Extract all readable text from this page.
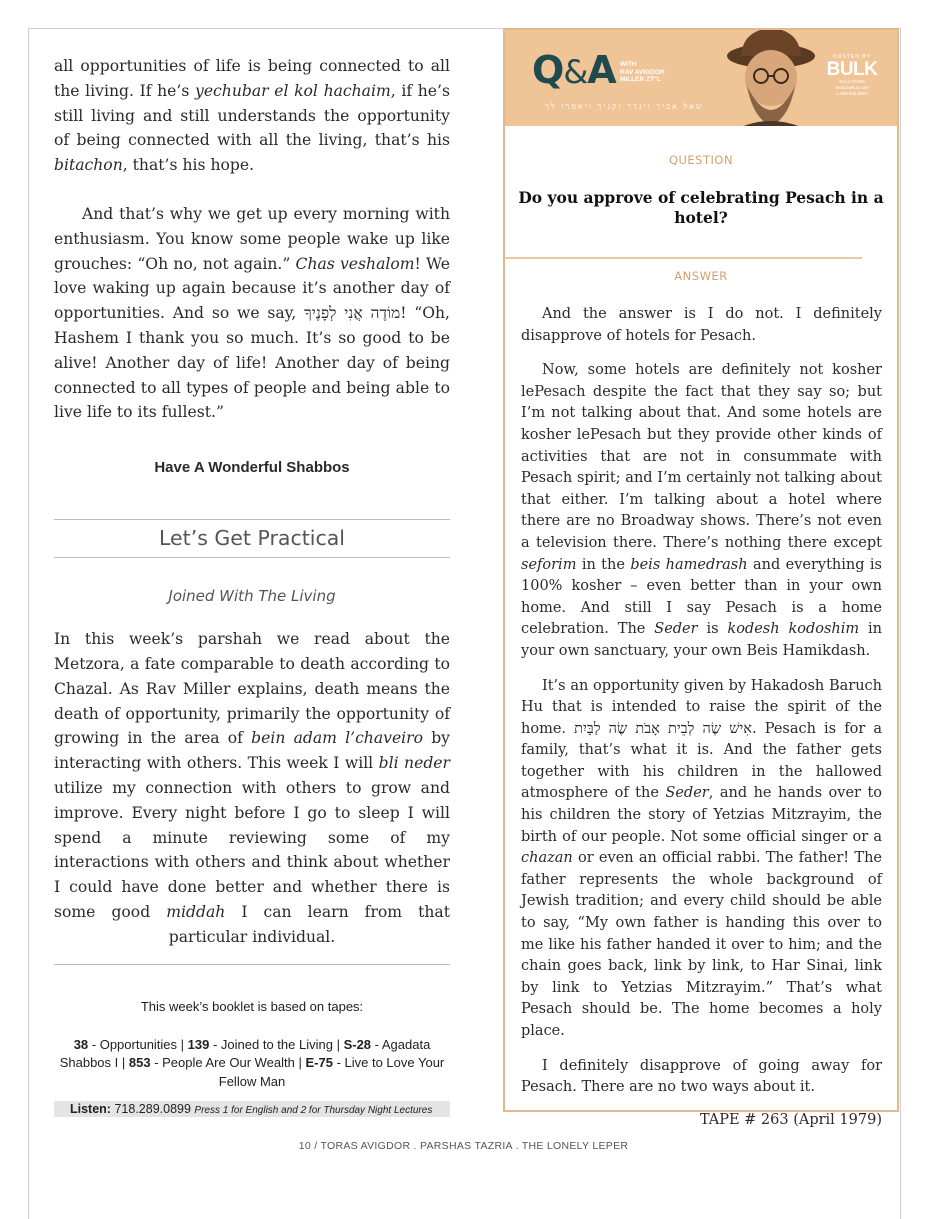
all opportunities of life is being connected to all the living. If he’s yechubar el kol hachaim, if he’s still living and still understands the opportunity of being connected with all the living, that’s his bitachon, that’s his hope.

And that’s why we get up every morning with enthusiasm. You know some people wake up like grouches: “Oh no, not again.” Chas veshalom! We love waking up again because it’s another day of opportunities. And so we say, מוֹדֶה אֲנִי לְפָנֶיךָ! “Oh, Hashem I thank you so much. It’s so good to be alive! Another day of life! Another day of being connected to all types of people and being able to live life to its fullest.”

Have A Wonderful Shabbos
Let’s Get Practical
Joined With The Living

In this week’s parshah we read about the Metzora, a fate comparable to death according to Chazal. As Rav Miller explains, death means the death of opportunity, primarily the opportunity of growing in the area of bein adam l’chaveiro by interacting with others. This week I will bli neder utilize my connection with others to grow and improve. Every night before I go to sleep I will spend a minute reviewing some of my interactions with others and think about whether I could have done better and whether there is some good middah I can learn from that particular individual.

This week’s booklet is based on tapes:
38 - Opportunities | 139 - Joined to the Living | S-28 - Agadata Shabbos I | 853 - People Are Our Wealth | E-75 - Live to Love Your Fellow Man
Listen: 718.289.0899 Press 1 for English and 2 for Thursday Night Lectures
Q&A WITH
RAV AVIGDOR
MILLER ZT"L
שאל אביך ויגדך זקניך ויאמרו לך
HOSTED BY
BULK
SOLUTIONS
www.bulkus.com
1.888.906.0901
QUESTION
Do you approve of celebrating Pesach in a hotel?
ANSWER

And the answer is I do not. I definitely disapprove of hotels for Pesach.

Now, some hotels are definitely not kosher lePesach despite the fact that they say so; but I’m not talking about that. And some hotels are kosher lePesach but they provide other kinds of activities that are not in consummate with Pesach spirit; and I’m certainly not talking about that either. I’m talking about a hotel where there are no Broadway shows. There’s not even a television there. There’s nothing there except seforim in the beis hamedrash and everything is 100% kosher – even better than in your own home. And still I say Pesach is a home celebration. The Seder is kodesh kodoshim in your own sanctuary, your own Beis Hamikdash.

It’s an opportunity given by Hakadosh Baruch Hu that is intended to raise the spirit of the home. אִישׁ שֶׂה לְבֵית אָבֹת שֶׂה לַבָּיִת. Pesach is for a family, that’s what it is. And the father gets together with his children in the hallowed atmosphere of the Seder, and he hands over to his children the story of Yetzias Mitzrayim, the birth of our people. Not some official singer or a chazan or even an official rabbi. The father! The father represents the whole background of Jewish tradition; and every child should be able to say, “My own father is handing this over to me like his father handed it over to him; and the chain goes back, link by link, to Har Sinai, link by link to Yetzias Mitzrayim.” That’s what Pesach should be. The home becomes a holy place.

I definitely disapprove of going away for Pesach. There are no two ways about it.

TAPE # 263 (April 1979)
10 / TORAS AVIGDOR . PARSHAS TAZRIA . THE LONELY LEPER
